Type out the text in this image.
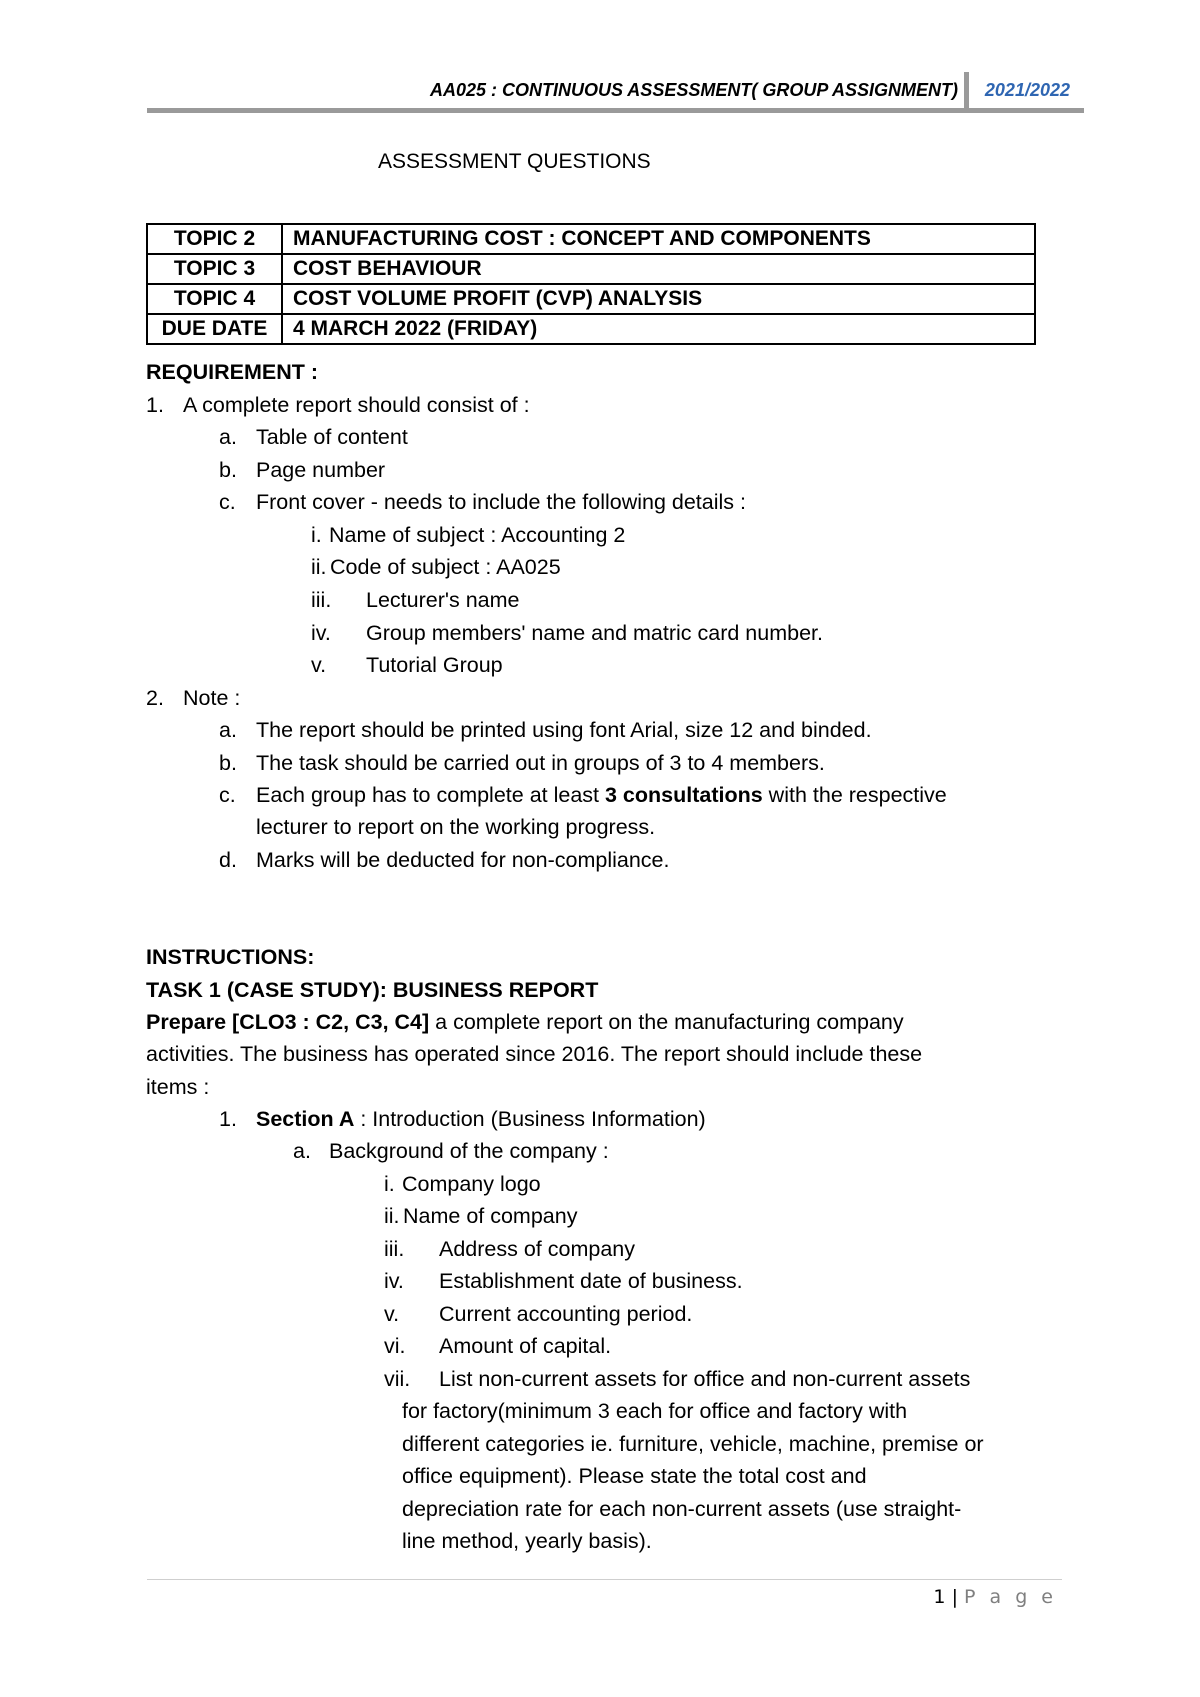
AA025 : CONTINUOUS ASSESSMENT( GROUP ASSIGNMENT) 2021/2022
ASSESSMENT QUESTIONS
TOPIC 2	MANUFACTURING COST : CONCEPT AND COMPONENTS
TOPIC 3	COST BEHAVIOUR
TOPIC 4	COST VOLUME PROFIT (CVP) ANALYSIS
DUE DATE	4 MARCH 2022 (FRIDAY)
REQUIREMENT :
1. A complete report should consist of :
a. Table of content
b. Page number
c. Front cover - needs to include the following details :
i. Name of subject : Accounting 2
ii. Code of subject : AA025
iii. Lecturer's name
iv. Group members' name and matric card number.
v. Tutorial Group
2. Note :
a. The report should be printed using font Arial, size 12 and binded.
b. The task should be carried out in groups of 3 to 4 members.
c. Each group has to complete at least 3 consultations with the respective
lecturer to report on the working progress.
d. Marks will be deducted for non-compliance.
INSTRUCTIONS:
TASK 1 (CASE STUDY): BUSINESS REPORT
Prepare [CLO3 : C2, C3, C4] a complete report on the manufacturing company
activities. The business has operated since 2016. The report should include these
items :
1. Section A : Introduction (Business Information)
a. Background of the company :
i. Company logo
ii. Name of company
iii. Address of company
iv. Establishment date of business.
v. Current accounting period.
vi. Amount of capital.
vii. List non-current assets for office and non-current assets
for factory(minimum 3 each for office and factory with
different categories ie. furniture, vehicle, machine, premise or
office equipment). Please state the total cost and
depreciation rate for each non-current assets (use straight-
line method, yearly basis).
1 | P a g e
